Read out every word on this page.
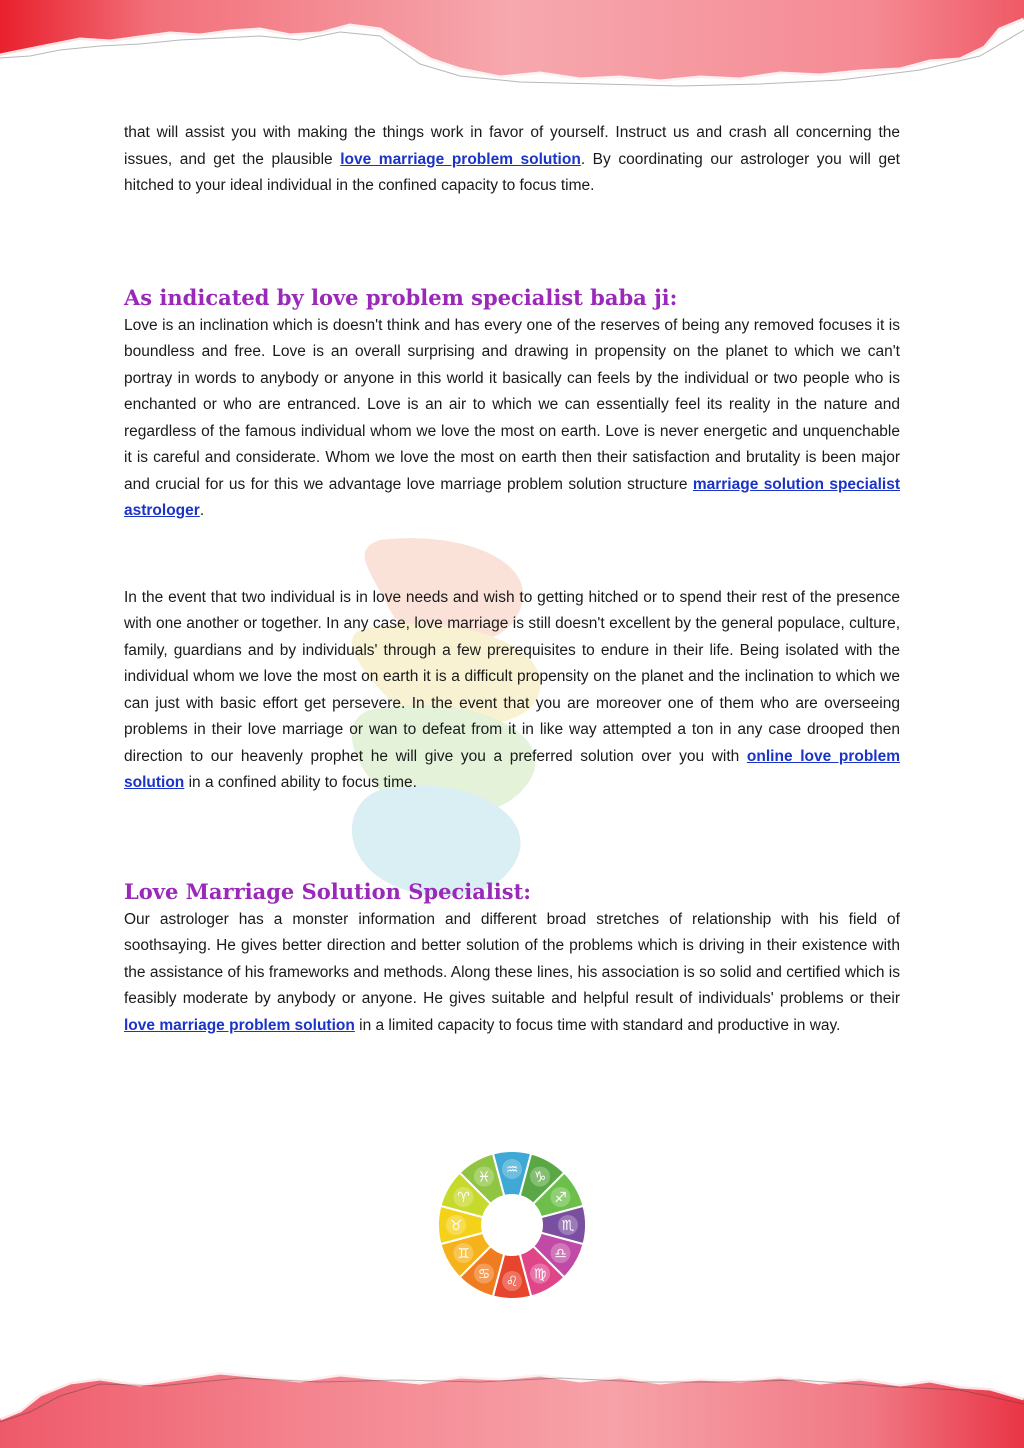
that will assist you with making the things work in favor of yourself. Instruct us and crash all concerning the issues, and get the plausible love marriage problem solution. By coordinating our astrologer you will get hitched to your ideal individual in the confined capacity to focus time.

As indicated by love problem specialist baba ji:

Love is an inclination which is doesn't think and has every one of the reserves of being any removed focuses it is boundless and free. Love is an overall surprising and drawing in propensity on the planet to which we can't portray in words to anybody or anyone in this world it basically can feels by the individual or two people who is enchanted or who are entranced. Love is an air to which we can essentially feel its reality in the nature and regardless of the famous individual whom we love the most on earth. Love is never energetic and unquenchable it is careful and considerate. Whom we love the most on earth then their satisfaction and brutality is been major and crucial for us for this we advantage love marriage problem solution structure marriage solution specialist astrologer.

In the event that two individual is in love needs and wish to getting hitched or to spend their rest of the presence with one another or together. In any case, love marriage is still doesn't excellent by the general populace, culture, family, guardians and by individuals' through a few prerequisites to endure in their life. Being isolated with the individual whom we love the most on earth it is a difficult propensity on the planet and the inclination to which we can just with basic effort get persevere. In the event that you are moreover one of them who are overseeing problems in their love marriage or wan to defeat from it in like way attempted a ton in any case drooped then direction to our heavenly prophet he will give you a preferred solution over you with online love problem solution in a confined ability to focus time.

Love Marriage Solution Specialist:

Our astrologer has a monster information and different broad stretches of relationship with his field of soothsaying. He gives better direction and better solution of the problems which is driving in their existence with the assistance of his frameworks and methods. Along these lines, his association is so solid and certified which is feasibly moderate by anybody or anyone. He gives suitable and helpful result of individuals' problems or their love marriage problem solution in a limited capacity to focus time with standard and productive in way.

♒ ♑
♐
♏
♎
♍
♌
♋
♊
♉
♈
♓
